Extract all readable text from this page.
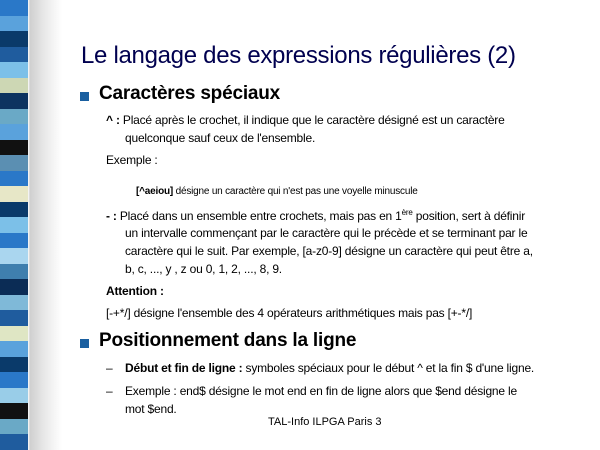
Le langage des expressions régulières (2)
Caractères spéciaux
^ : Placé après le crochet, il indique que le caractère désigné est un caractère
quelconque sauf ceux de l'ensemble.
Exemple :
[^aeiou] désigne un caractère qui n'est pas une voyelle minuscule
- : Placé dans un ensemble entre crochets, mais pas en 1ère position, sert à définir
un intervalle commençant par le caractère qui le précède et se terminant par le
caractère qui le suit. Par exemple, [a-z0-9] désigne un caractère qui peut être a,
b, c, ..., y , z ou 0, 1, 2, ..., 8, 9.
Attention :
[-+*/] désigne l'ensemble des 4 opérateurs arithmétiques mais pas [+-*/]
Positionnement dans la ligne
– Début et fin de ligne : symboles spéciaux pour le début ^ et la fin $ d'une ligne.
– Exemple : end$ désigne le mot end en fin de ligne alors que $end désigne le
mot $end.
TAL-Info ILPGA Paris 3
